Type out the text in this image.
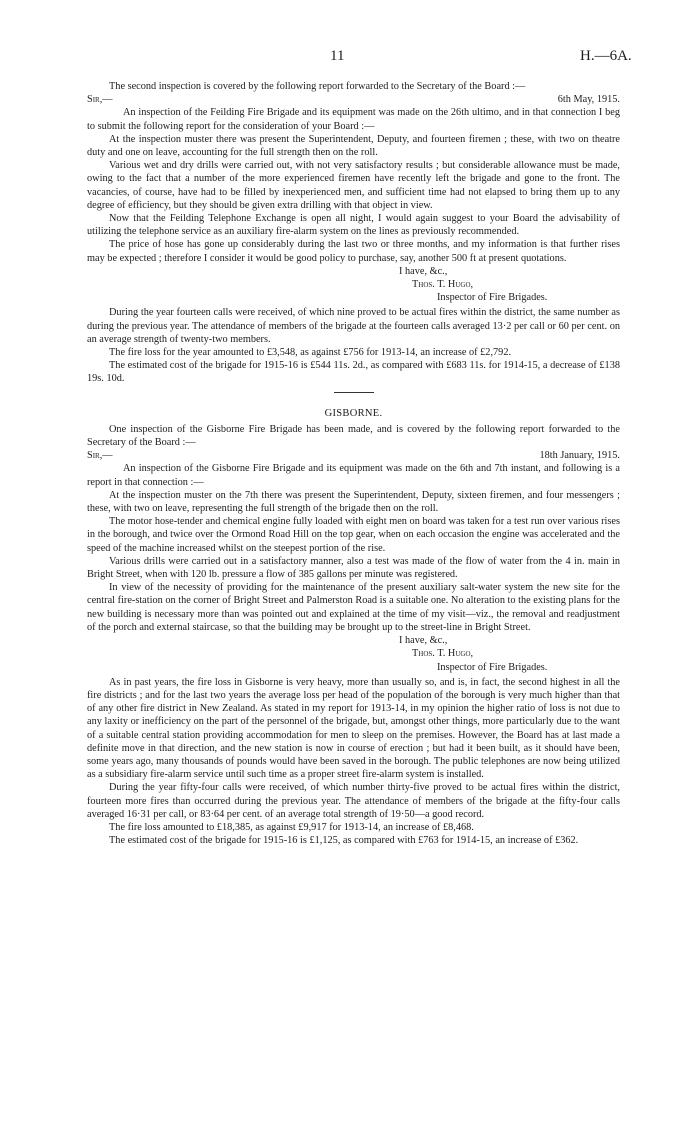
11	H.—6A.

The second inspection is covered by the following report forwarded to the Secretary of the Board :—

Sir,—	6th May, 1915.

An inspection of the Feilding Fire Brigade and its equipment was made on the 26th ultimo, and in that connection I beg to submit the following report for the consideration of your Board :—

At the inspection muster there was present the Superintendent, Deputy, and fourteen firemen ; these, with two on theatre duty and one on leave, accounting for the full strength then on the roll.

Various wet and dry drills were carried out, with not very satisfactory results ; but considerable allowance must be made, owing to the fact that a number of the more experienced firemen have recently left the brigade and gone to the front. The vacancies, of course, have had to be filled by inexperienced men, and sufficient time had not elapsed to bring them up to any degree of efficiency, but they should be given extra drilling with that object in view.

Now that the Feilding Telephone Exchange is open all night, I would again suggest to your Board the advisability of utilizing the telephone service as an auxiliary fire-alarm system on the lines as previously recommended.

The price of hose has gone up considerably during the last two or three months, and my information is that further rises may be expected ; therefore I consider it would be good policy to purchase, say, another 500 ft at present quotations.

I have, &c.,

Thos. T. Hugo,

Inspector of Fire Brigades.

During the year fourteen calls were received, of which nine proved to be actual fires within the district, the same number as during the previous year. The attendance of members of the brigade at the fourteen calls averaged 13·2 per call or 60 per cent. on an average strength of twenty-two members.

The fire loss for the year amounted to £3,548, as against £756 for 1913-14, an increase of £2,792.

The estimated cost of the brigade for 1915-16 is £544 11s. 2d., as compared with £683 11s. for 1914-15, a decrease of £138 19s. 10d.

GISBORNE.

One inspection of the Gisborne Fire Brigade has been made, and is covered by the following report forwarded to the Secretary of the Board :—

Sir,—	18th January, 1915.

An inspection of the Gisborne Fire Brigade and its equipment was made on the 6th and 7th instant, and following is a report in that connection :—

At the inspection muster on the 7th there was present the Superintendent, Deputy, sixteen firemen, and four messengers ; these, with two on leave, representing the full strength of the brigade then on the roll.

The motor hose-tender and chemical engine fully loaded with eight men on board was taken for a test run over various rises in the borough, and twice over the Ormond Road Hill on the top gear, when on each occasion the engine was accelerated and the speed of the machine increased whilst on the steepest portion of the rise.

Various drills were carried out in a satisfactory manner, also a test was made of the flow of water from the 4 in. main in Bright Street, when with 120 lb. pressure a flow of 385 gallons per minute was registered.

In view of the necessity of providing for the maintenance of the present auxiliary salt-water system the new site for the central fire-station on the corner of Bright Street and Palmerston Road is a suitable one. No alteration to the existing plans for the new building is necessary more than was pointed out and explained at the time of my visit—viz., the removal and readjustment of the porch and external staircase, so that the building may be brought up to the street-line in Bright Street.

I have, &c.,

Thos. T. Hugo,

Inspector of Fire Brigades.

As in past years, the fire loss in Gisborne is very heavy, more than usually so, and is, in fact, the second highest in all the fire districts ; and for the last two years the average loss per head of the population of the borough is very much higher than that of any other fire district in New Zealand. As stated in my report for 1913-14, in my opinion the higher ratio of loss is not due to any laxity or inefficiency on the part of the personnel of the brigade, but, amongst other things, more particularly due to the want of a suitable central station providing accommodation for men to sleep on the premises. However, the Board has at last made a definite move in that direction, and the new station is now in course of erection ; but had it been built, as it should have been, some years ago, many thousands of pounds would have been saved in the borough. The public telephones are now being utilized as a subsidiary fire-alarm service until such time as a proper street fire-alarm system is installed.

During the year fifty-four calls were received, of which number thirty-five proved to be actual fires within the district, fourteen more fires than occurred during the previous year. The attendance of members of the brigade at the fifty-four calls averaged 16·31 per call, or 83·64 per cent. of an average total strength of 19·50—a good record.

The fire loss amounted to £18,385, as against £9,917 for 1913-14, an increase of £8,468.

The estimated cost of the brigade for 1915-16 is £1,125, as compared with £763 for 1914-15, an increase of £362.
